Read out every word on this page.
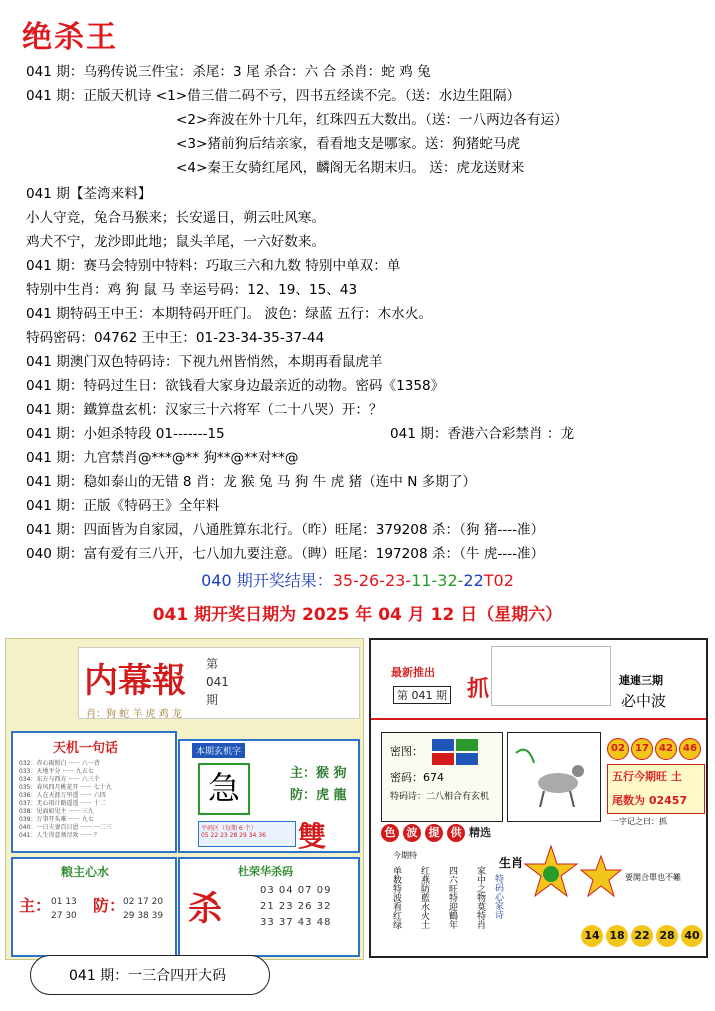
绝杀王
041 期：乌鸦传说三件宝：杀尾：3 尾 杀合：六 合 杀肖：蛇 鸡 兔
041 期：正版天机诗 <1>借三借二码不亏，四书五经读不完。（送：水边生阻隔）
<2>奔波在外十几年，红珠四五大数出。（送：一八两边各有运）
<3>猪前狗后结亲家，看看地支是哪家。送：狗猪蛇马虎
<4>秦王女骑红尾风，麟阁无名期末归。 送：虎龙送财来
041 期【荃湾来料】
小人守竞，兔合马猴来；长安遥日，朔云吐风寒。
鸡犬不宁，龙沙即此地；鼠头羊尾，一六好数来。
041 期：赛马会特别中特料：巧取三六和九数 特别中单双：单
特别中生肖：鸡 狗 鼠 马 幸运号码：12、19、15、43
041 期特码王中王：本期特码开旺门。 波色：绿蓝 五行：木水火。
特码密码：04762 王中王：01-23-34-35-37-44
041 期澳门双色特码诗：下视九州皆悄然，本期再看鼠虎羊
041 期：特码过生日：欲钱看大家身边最亲近的动物。密码《1358》
041 期：鐵算盘玄机：汉家三十六将军（二十八哭）开：？
041 期：小妲杀特段 01-------15	041 期：香港六合彩禁肖 ：龙
041 期：九宫禁肖@***@** 狗**@**对**@
041 期：稳如泰山的无错 8 肖：龙 猴 兔 马 狗 牛 虎 猪（连中 N 多期了）
041 期：正版《特码王》全年料
041 期：四面皆为自家园，八通胜算东北行。（昨）旺尾：379208 杀：（狗 猪----准）
040 期：富有爱有三八开，七八加九要注意。（睥）旺尾：197208 杀：（牛 虎----准）
040 期开奖结果：35-26-23-11-32-22T02
041 期开奖日期为 2025 年 04 月 12 日（星期六）
内幕報 第
041
期
肖：狗 蛇 羊 虎 鸡 龙
天机一句话
032：赤心雨照白 ······ 六一背
033：天地平分 ······ 九五七
034：东方与西方 ······ 六三个
035：春风四月桃花开 ······ 七十九
036：人在天涯万里遥 ······ 六四
037：无心用计路遥遥 ······ 十二
038：见面如见主 ······ 三九
039：万事开头难 ······ 九七
040：一日夫妻百日恩 ······ 一二三
041：人生得意须尽欢 ······ ？
本期玄机字
急	主：猴 狗
防：虎 龍
平码区（每期 6 个）
05 22 23 28 29 34 36	雙
粮主心水
主：	防：
01 13
27 30
02 17 20
29 38 39
杜荣华杀码
杀	03 04 07 09
21 23 26 32
33 37 43 48
041 期：一三合四开大码
最新推出
第 041 期 抓	連連三期
必中波
密图：
密码：674
特码诗：二八相合有玄机
02 17 42 46
五行今期旺 土
尾数为 02457
色 波 提 供 精选
今期特
单数特波看红绿 红燕防藍水火土 四六旺特迎鶴年 家中之物莫特肖
生肖
特码心家诗
一字记之曰：抓
要開合單也不難
14 18 22 28 40
